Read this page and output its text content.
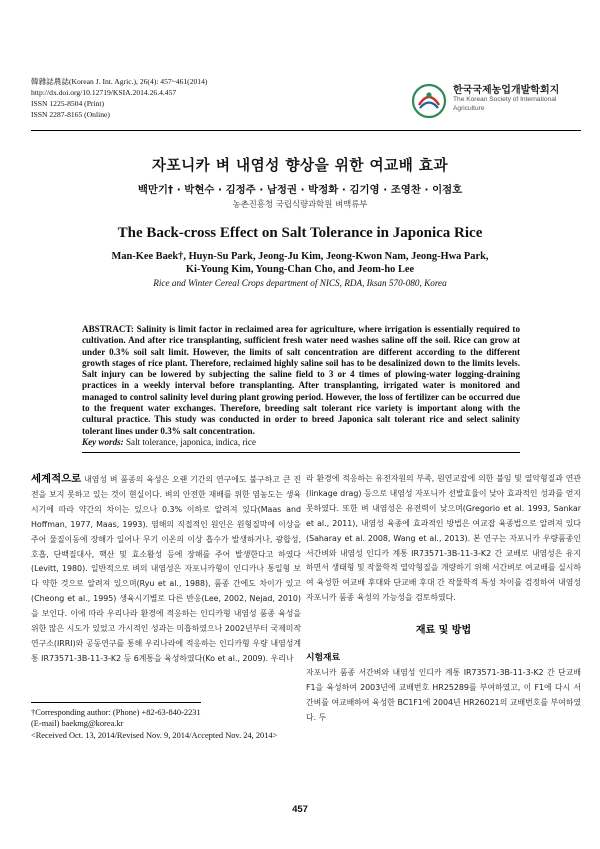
韓雜誌農誌(Korean J. Int. Agric.), 26(4): 457~461(2014)
http://dx.doi.org/10.12719/KSIA.2014.26.4.457
ISSN 1225-8504 (Print)
ISSN 2287-8165 (Online)
한국국제농업개발학회지
The Korean Society of International Agriculture
자포니카 벼 내염성 향상을 위한 여교배 효과
백만기† · 박현수 · 김정주 · 남정권 · 박정화 · 김기영 · 조영찬 · 이점호
농촌진흥청 국립식량과학원 벼맥류부
The Back-cross Effect on Salt Tolerance in Japonica Rice
Man-Kee Baek†, Huyn-Su Park, Jeong-Ju Kim, Jeong-Kwon Nam, Jeong-Hwa Park,
Ki-Young Kim, Young-Chan Cho, and Jeom-ho Lee
Rice and Winter Cereal Crops department of NICS, RDA, Iksan 570-080, Korea
ABSTRACT: Salinity is limit factor in reclaimed area for agriculture, where irrigation is essentially required to cultivation. And after rice transplanting, sufficient fresh water need washes saline off the soil. Rice can grow at under 0.3% soil salt limit. However, the limits of salt concentration are different according to the different growth stages of rice plant. Therefore, reclaimed highly saline soil has to be desalinized down to the limits levels. Salt injury can be lowered by subjecting the saline field to 3 or 4 times of plowing-water logging-draining practices in a weekly interval before transplanting. After transplanting, irrigated water is monitored and managed to control salinity level during plant growing period. However, the loss of fertilizer can be occurred due to the frequent water exchanges. Therefore, breeding salt tolerant rice variety is important along with the cultural practice. This study was conducted in order to breed Japonica salt tolerant rice and select salinity tolerant lines under 0.3% salt concentration.
Key words: Salt tolerance, japonica, indica, rice

세계적으로 내염성 벼 품종의 육성은 오랜 기간의 연구에도 불구하고 큰 진전을 보지 못하고 있는 것이 현실이다. 벼의 안전한 재배를 위한 염농도는 생육시기에 따라 약간의 차이는 있으나 0.3% 이하로 알려져 있다(Maas and Hoffman, 1977, Maas, 1993). 염해의 직접적인 원인은 원형질막에 이상을 주어 물질이동에 장해가 일어나 무기 이온의 이상 흡수가 발생하거나, 광합성, 호흡, 단백질대사, 핵산 및 효소활성 등에 장해를 주어 발생한다고 하였다(Levitt, 1980). 일반적으로 벼의 내염성은 자포니카형이 인디카나 통일형 보다 약한 것으로 알려져 있으며(Ryu et al., 1988), 품종 간에도 차이가 있고(Cheong et al., 1995) 생육시기별로 다른 반응(Lee, 2002, Nejad, 2010)을 보인다. 이에 따라 우리나라 환경에 적응하는 인디카형 내염성 품종 육성을 위한 많은 시도가 있었고 가시적인 성과는 미흡하였으나 2002년부터 국제미작연구소(IRRI)와 공동연구를 통해 우리나라에 적응하는 인디카형 우량 내염성계통 IR73571-3B-11-3-K2 등 6계통을 육성하였다(Ko et al., 2009). 우리나

라 환경에 적응하는 유전자원의 부족, 원연교잡에 의한 불임 및 열악형질과 연관(linkage drag) 등으로 내염성 자포니카 선발효율이 낮아 효과적인 성과를 얻지 못하였다. 또한 벼 내염성은 유전력이 낮으며(Gregorio et al. 1993, Sankar et al., 2011), 내염성 육종에 효과적인 방법은 여교잡 육종법으로 알려져 있다(Saharay et al. 2008, Wang et al., 2013). 본 연구는 자포니카 우량품종인 서간벼와 내염성 인디카 계통 IR73571-3B-11-3-K2 간 교배로 내염성은 유지하면서 생태형 및 작물학적 열악형질을 개량하기 위해 서간벼로 여교배를 실시하여 육성한 여교배 후대와 단교배 후대 간 작물학적 특성 차이를 검정하여 내염성 자포니카 품종 육성의 가능성을 검토하였다.

재료 및 방법
시험재료

자포니카 품종 서간벼와 내염성 인디카 계통 IR73571-3B-11-3-K2 간 단교배 F1을 육성하여 2003년에 교배번호 HR25289를 부여하였고, 이 F1에 다시 서간벼를 여교배하여 육성한 BC1F1에 2004년 HR26021의 교배번호를 부여하였다. 두

†Corresponding author: (Phone) +82-63-840-2231
(E-mail) baekmg@korea.kr
<Received Oct. 13, 2014/Revised Nov. 9, 2014/Accepted Nov. 24, 2014>
457
